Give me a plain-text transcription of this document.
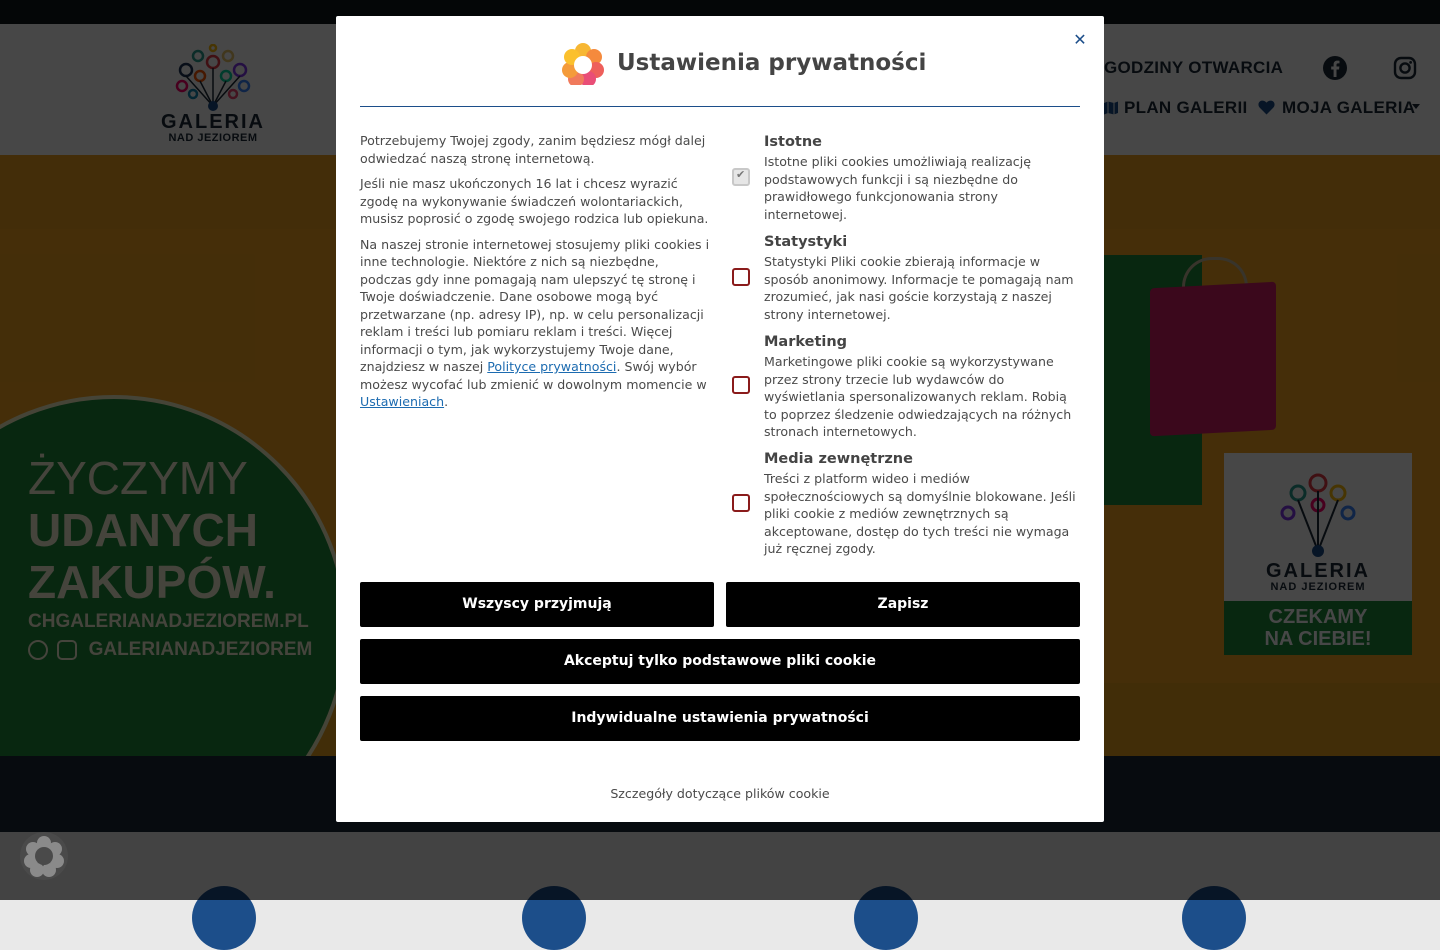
✕
Ustawienia prywatności

Potrzebujemy Twojej zgody, zanim będziesz mógł dalej odwiedzać naszą stronę internetową.

Jeśli nie masz ukończonych 16 lat i chcesz wyrazić zgodę na wykonywanie świadczeń wolontariackich, musisz poprosić o zgodę swojego rodzica lub opiekuna.

Na naszej stronie internetowej stosujemy pliki cookies i inne technologie. Niektóre z nich są niezbędne, podczas gdy inne pomagają nam ulepszyć tę stronę i Twoje doświadczenie. Dane osobowe mogą być przetwarzane (np. adresy IP), np. w celu personalizacji reklam i treści lub pomiaru reklam i treści. Więcej informacji o tym, jak wykorzystujemy Twoje dane, znajdziesz w naszej Polityce prywatności. Swój wybór możesz wycofać lub zmienić w dowolnym momencie w Ustawieniach.

✔
Istotne
Istotne pliki cookies umożliwiają realizację podstawowych funkcji i są niezbędne do prawidłowego funkcjonowania strony internetowej.
Statystyki
Statystyki Pliki cookie zbierają informacje w sposób anonimowy. Informacje te pomagają nam zrozumieć, jak nasi goście korzystają z naszej strony internetowej.
Marketing
Marketingowe pliki cookie są wykorzystywane przez strony trzecie lub wydawców do wyświetlania spersonalizowanych reklam. Robią to poprzez śledzenie odwiedzających na różnych stronach internetowych.
Media zewnętrzne
Treści z platform wideo i mediów społecznościowych są domyślnie blokowane. Jeśli pliki cookie z mediów zewnętrznych są akceptowane, dostęp do tych treści nie wymaga już ręcznej zgody.
Wszyscy przyjmują	Zapisz
Akceptuj tylko podstawowe pliki cookie
Indywidualne ustawienia prywatności
Szczegóły dotyczące plików cookie
